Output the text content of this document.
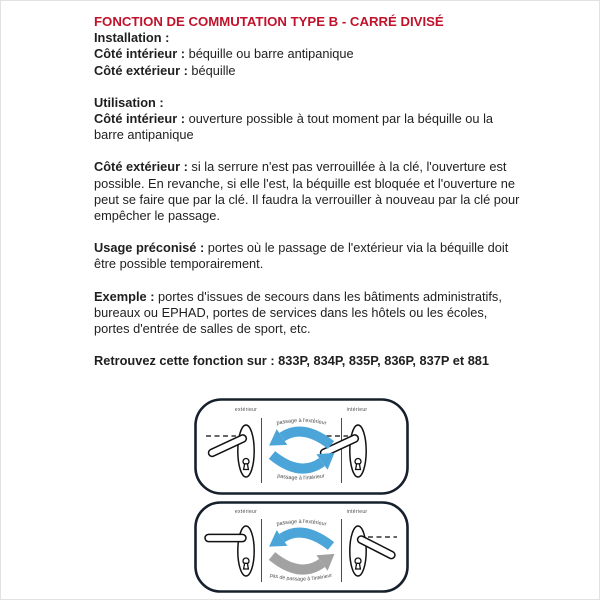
FONCTION DE COMMUTATION TYPE B - CARRÉ DIVISÉ
Installation :
Côté intérieur : béquille ou barre antipanique
Côté extérieur : béquille
Utilisation :
Côté intérieur : ouverture possible à tout moment par la béquille ou la barre antipanique
Côté extérieur : si la serrure n'est pas verrouillée à la clé, l'ouverture est possible. En revanche, si elle l'est, la béquille est bloquée et l'ouverture ne peut se faire que par la clé. Il faudra la verrouiller à nouveau par la clé pour empêcher le passage.
Usage préconisé : portes où le passage de l'extérieur via la béquille doit être possible temporairement.
Exemple : portes d'issues de secours dans les bâtiments administratifs, bureaux ou EPHAD, portes de services dans les hôtels ou les écoles, portes d'entrée de salles de sport, etc.
Retrouvez cette fonction sur : 833P, 834P, 835P, 836P, 837P et 881
extérieur	intérieur
passage à l'extérieur
passage à l'intérieur
extérieur	intérieur
passage à l'extérieur
pas de passage à l'intérieur
